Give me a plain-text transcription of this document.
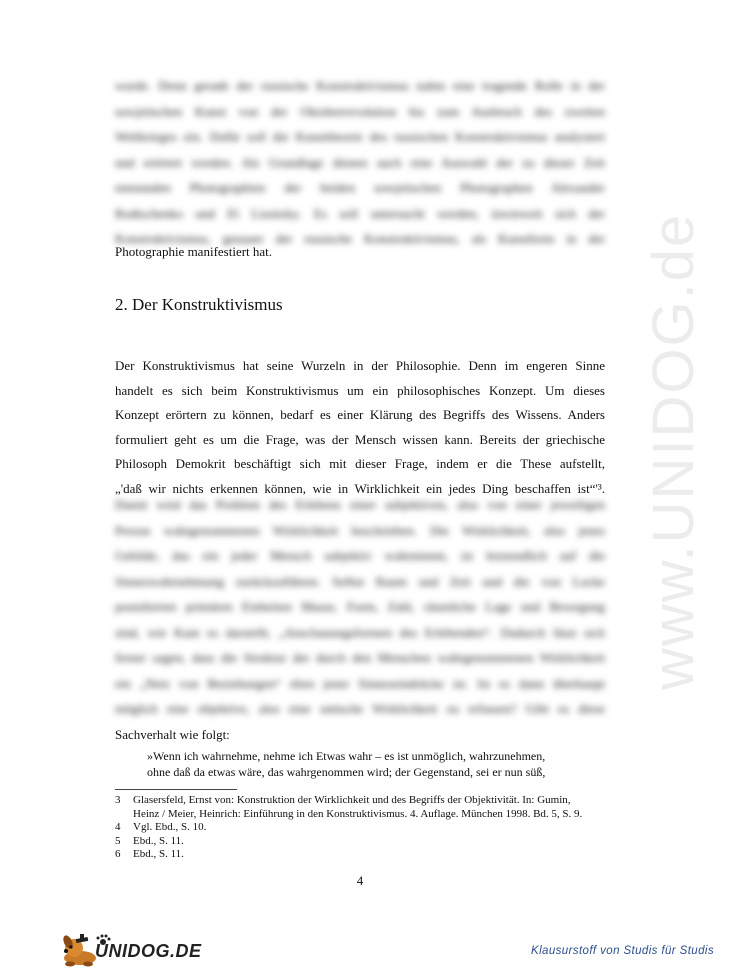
www.UNIDOG.de
wurde. Denn gerade der russische Konstruktivismus nahm eine tragende Rolle in der
sowjetischen Kunst von der Oktoberrevolution bis zum Ausbruch des zweiten
Weltkrieges ein. Dafür soll die Kunsttheorie des russischen Konstruktivismus analysiert
und erörtert werden. Als Grundlage dienen auch eine Auswahl der zu dieser Zeit
entstanden Photographien der beiden sowjetischen Photographen Alexander
Rodtschenko und El Lissitzky. Es soll untersucht werden, inwieweit sich der
Konstruktivismus, genauer der russische Konstruktivismus, als Kunstform in der
Photographie manifestiert hat.
2. Der Konstruktivismus
Der Konstruktivismus hat seine Wurzeln in der Philosophie. Denn im engeren Sinne
handelt es sich beim Konstruktivismus um ein philosophisches Konzept. Um dieses
Konzept erörtern zu können, bedarf es einer Klärung des Begriffs des Wissens. Anders
formuliert geht es um die Frage, was der Mensch wissen kann. Bereits der griechische
Philosoph Demokrit beschäftigt sich mit dieser Frage, indem er die These aufstellt,
„'daß wir nichts erkennen können, wie in Wirklichkeit ein jedes Ding beschaffen ist“'³.
Damit wird das Problem des Erlebens einer subjektiven, also von einer jeweiligen
Person wahrgenommenen Wirklichkeit beschrieben. Die Wirklichkeit, also jenes
Gebilde, das ein jeder Mensch subjektiv wahrnimmt, ist letztendlich auf die
Sinneswahrnehmung zurückzuführen. Selbst Raum und Zeit und die von Locke
postulierten primären Einheiten Masse, Form, Zahl, räumliche Lage und Bewegung
sind, wie Kant es darstellt, „Anschauungsformen des Erlebenden“. Dadurch lässt sich
ferner sagen, dass die Struktur der durch den Menschen wahrgenommenen Wirklichkeit
ein „Netz von Beziehungen“ eben jener Sinneseindrücke ist. Ist es dann überhaupt
möglich eine objektive, also eine ontische Wirklichkeit zu erfassen? Gibt es diese
Sachverhalt wie folgt:
»Wenn ich wahrnehme, nehme ich Etwas wahr – es ist unmöglich, wahrzunehmen,
ohne daß da etwas wäre, das wahrgenommen wird; der Gegenstand, sei er nun süß,
3	Glasersfeld, Ernst von: Konstruktion der Wirklichkeit und des Begriffs der Objektivität. In: Gumin,
Heinz / Meier, Heinrich: Einführung in den Konstruktivismus. 4. Auflage. München 1998. Bd. 5, S. 9.
4	Vgl. Ebd., S. 10.
5	Ebd., S. 11.
6	Ebd., S. 11.
4
UNIDOG.DE	Klausurstoff von Studis für Studis
